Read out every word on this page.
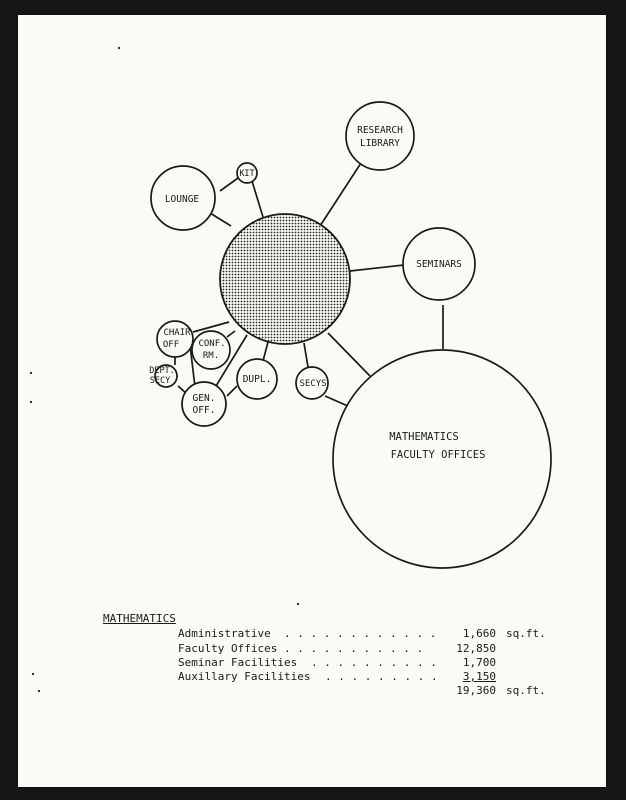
RESEARCH
LIBRARY
KIT
LOUNGE
SEMINARS
MATHEMATICS
FACULTY OFFICES
SECYS
DUPL.
CHAIR
OFF CONF.
RM.
DEPT.
SECY
GEN.
OFF.
MATHEMATICS
Administrative . . . . . . . . . . . .	1,660 sq.ft.
Faculty Offices . . . . . . . . . . .	12,850
Seminar Facilities . . . . . . . . . .	1,700
Auxillary Facilities . . . . . . . . .	3,150
19,360 sq.ft.
